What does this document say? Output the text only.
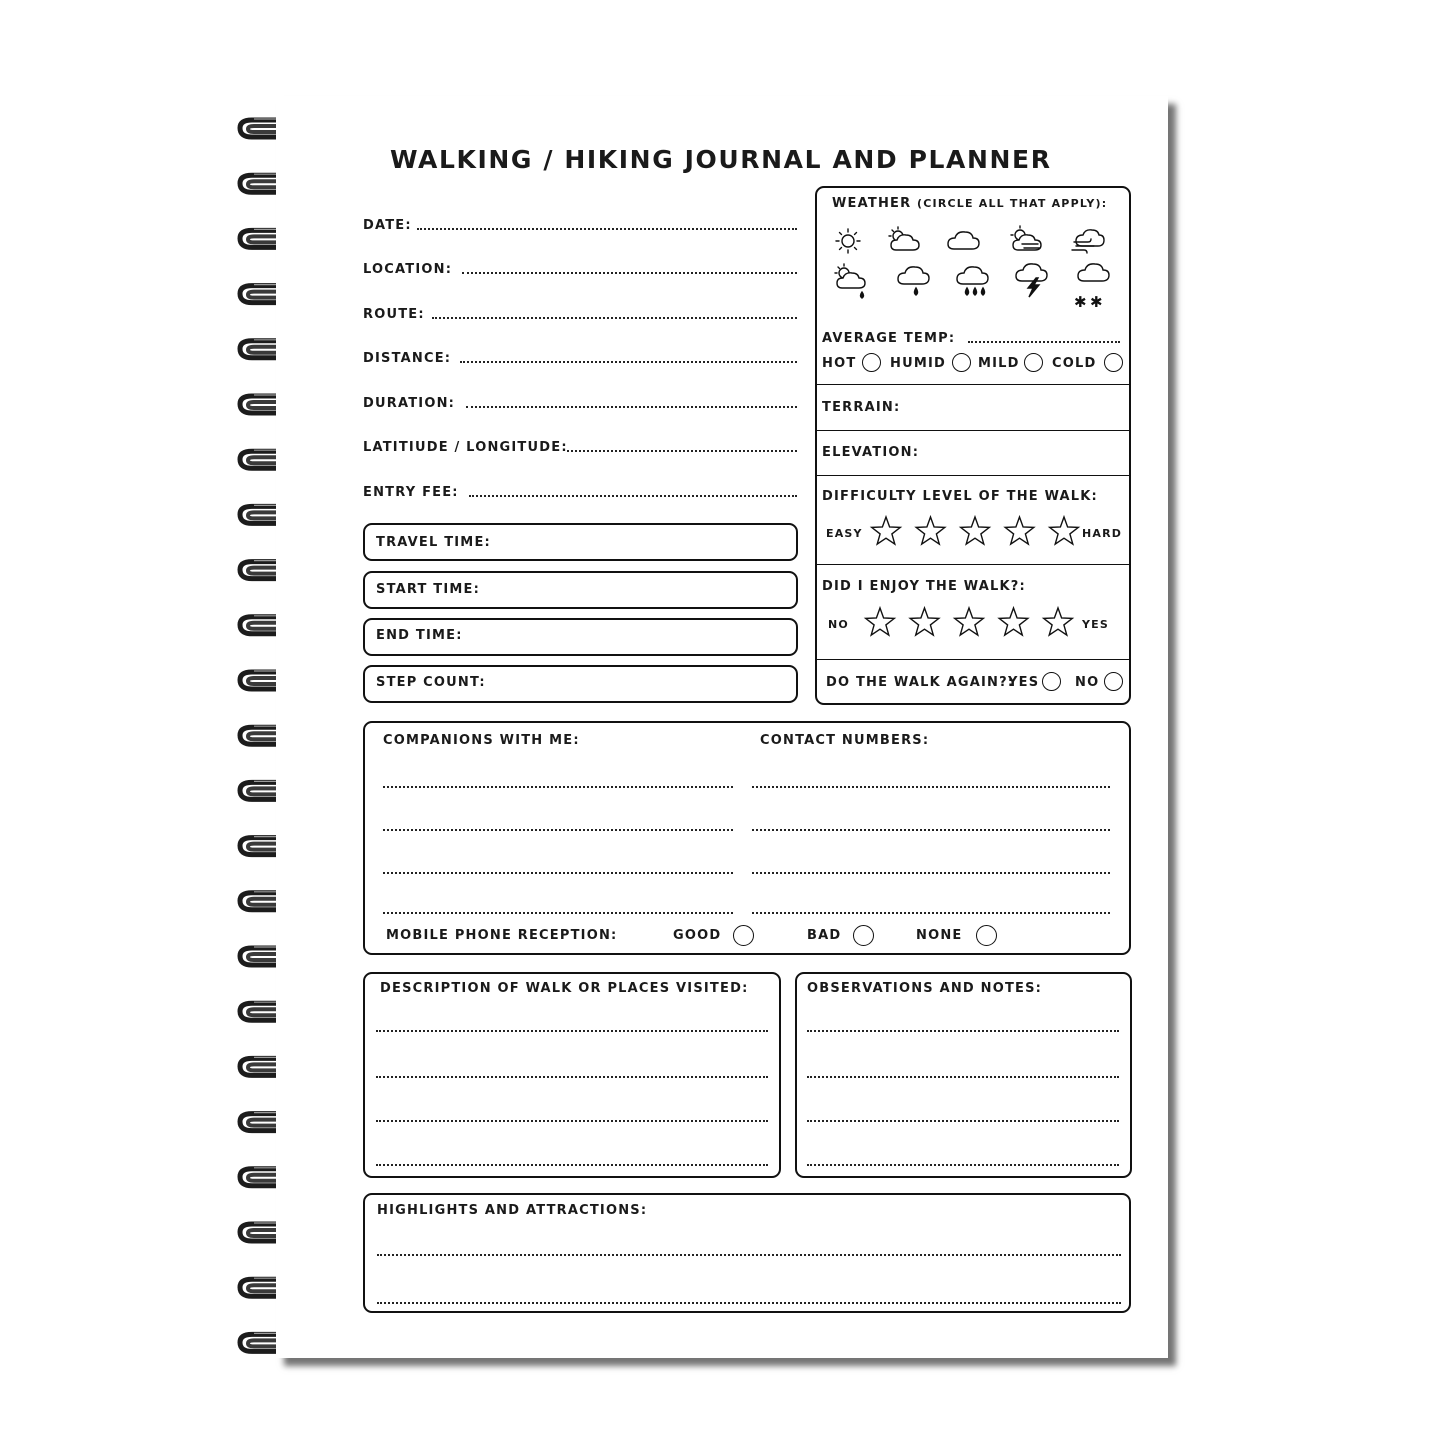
WALKING / HIKING JOURNAL AND PLANNER
DATE:
LOCATION:
ROUTE:
DISTANCE:
DURATION:
LATITIUDE / LONGITUDE:
ENTRY FEE:
TRAVEL TIME:
START TIME:
END TIME:
STEP COUNT:
WEATHER (CIRCLE ALL THAT APPLY):
✱ ✱
AVERAGE TEMP:
HOT	HUMID MILD COLD
TERRAIN:
ELEVATION:
DIFFICULTY LEVEL OF THE WALK:
EASY	HARD
DID I ENJOY THE WALK?:
NO	YES
DO THE WALK AGAIN?:
YES	NO
COMPANIONS WITH ME:	CONTACT NUMBERS:
MOBILE PHONE RECEPTION:	GOOD	BAD	NONE
DESCRIPTION OF WALK OR PLACES VISITED:	OBSERVATIONS AND NOTES:
HIGHLIGHTS AND ATTRACTIONS:
